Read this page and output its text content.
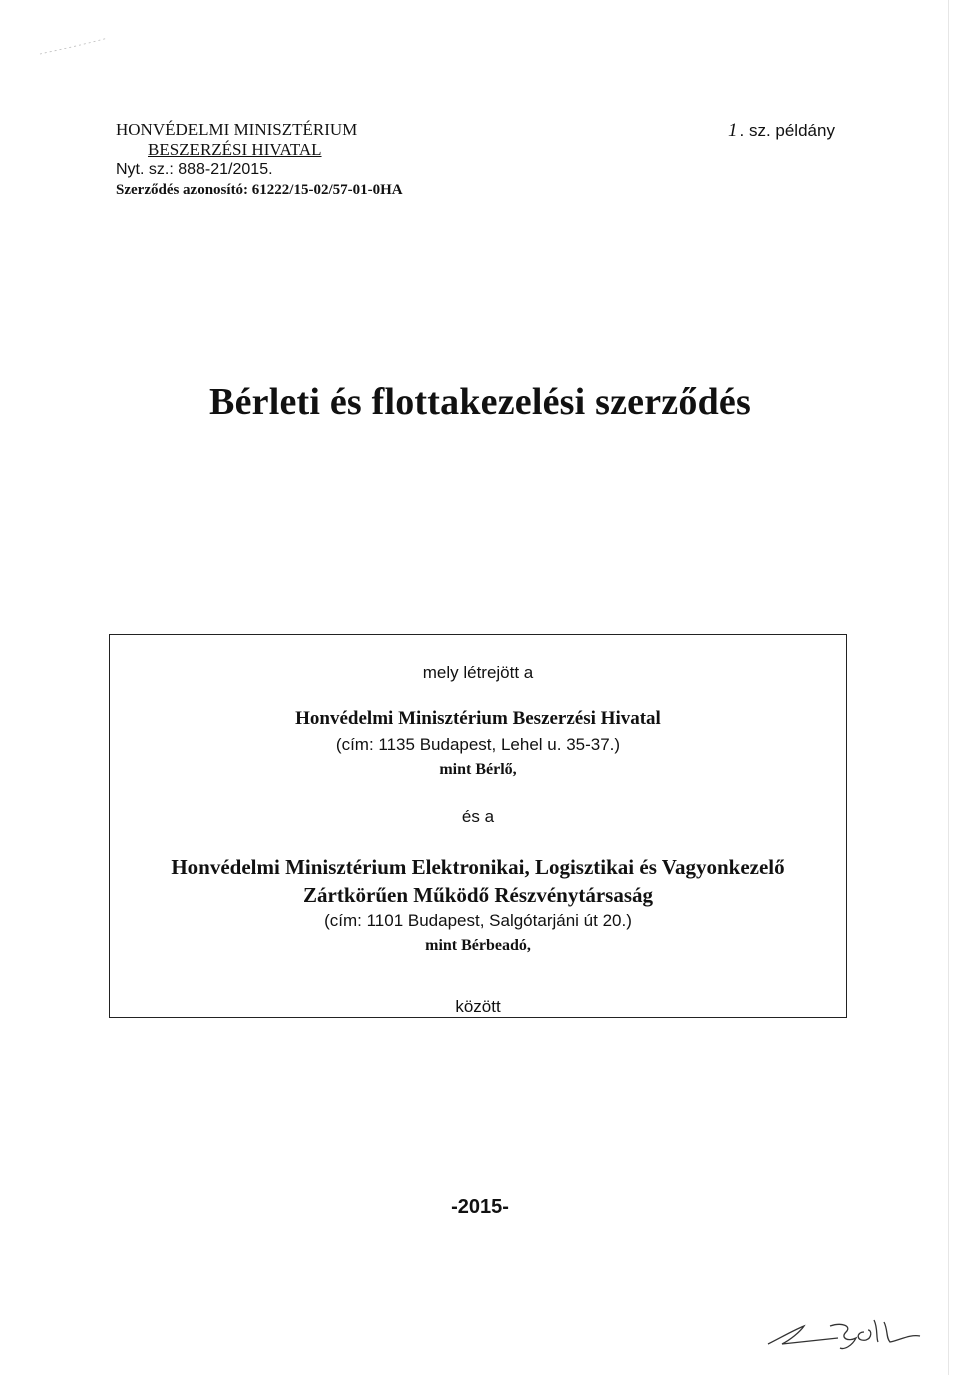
HONVÉDELMI MINISZTÉRIUM
BESZERZÉSI HIVATAL
Nyt. sz.: 888-21/2015.
Szerződés azonosító: 61222/15-02/57-01-0HA
1 . sz. példány
Bérleti és flottakezelési szerződés
mely létrejött a
Honvédelmi Minisztérium Beszerzési Hivatal
(cím: 1135 Budapest, Lehel u. 35-37.)
mint Bérlő,
és a
Honvédelmi Minisztérium Elektronikai, Logisztikai és Vagyonkezelő
Zártkörűen Működő Részvénytársaság
(cím: 1101 Budapest, Salgótarjáni út 20.)
mint Bérbeadó,
között
-2015-
